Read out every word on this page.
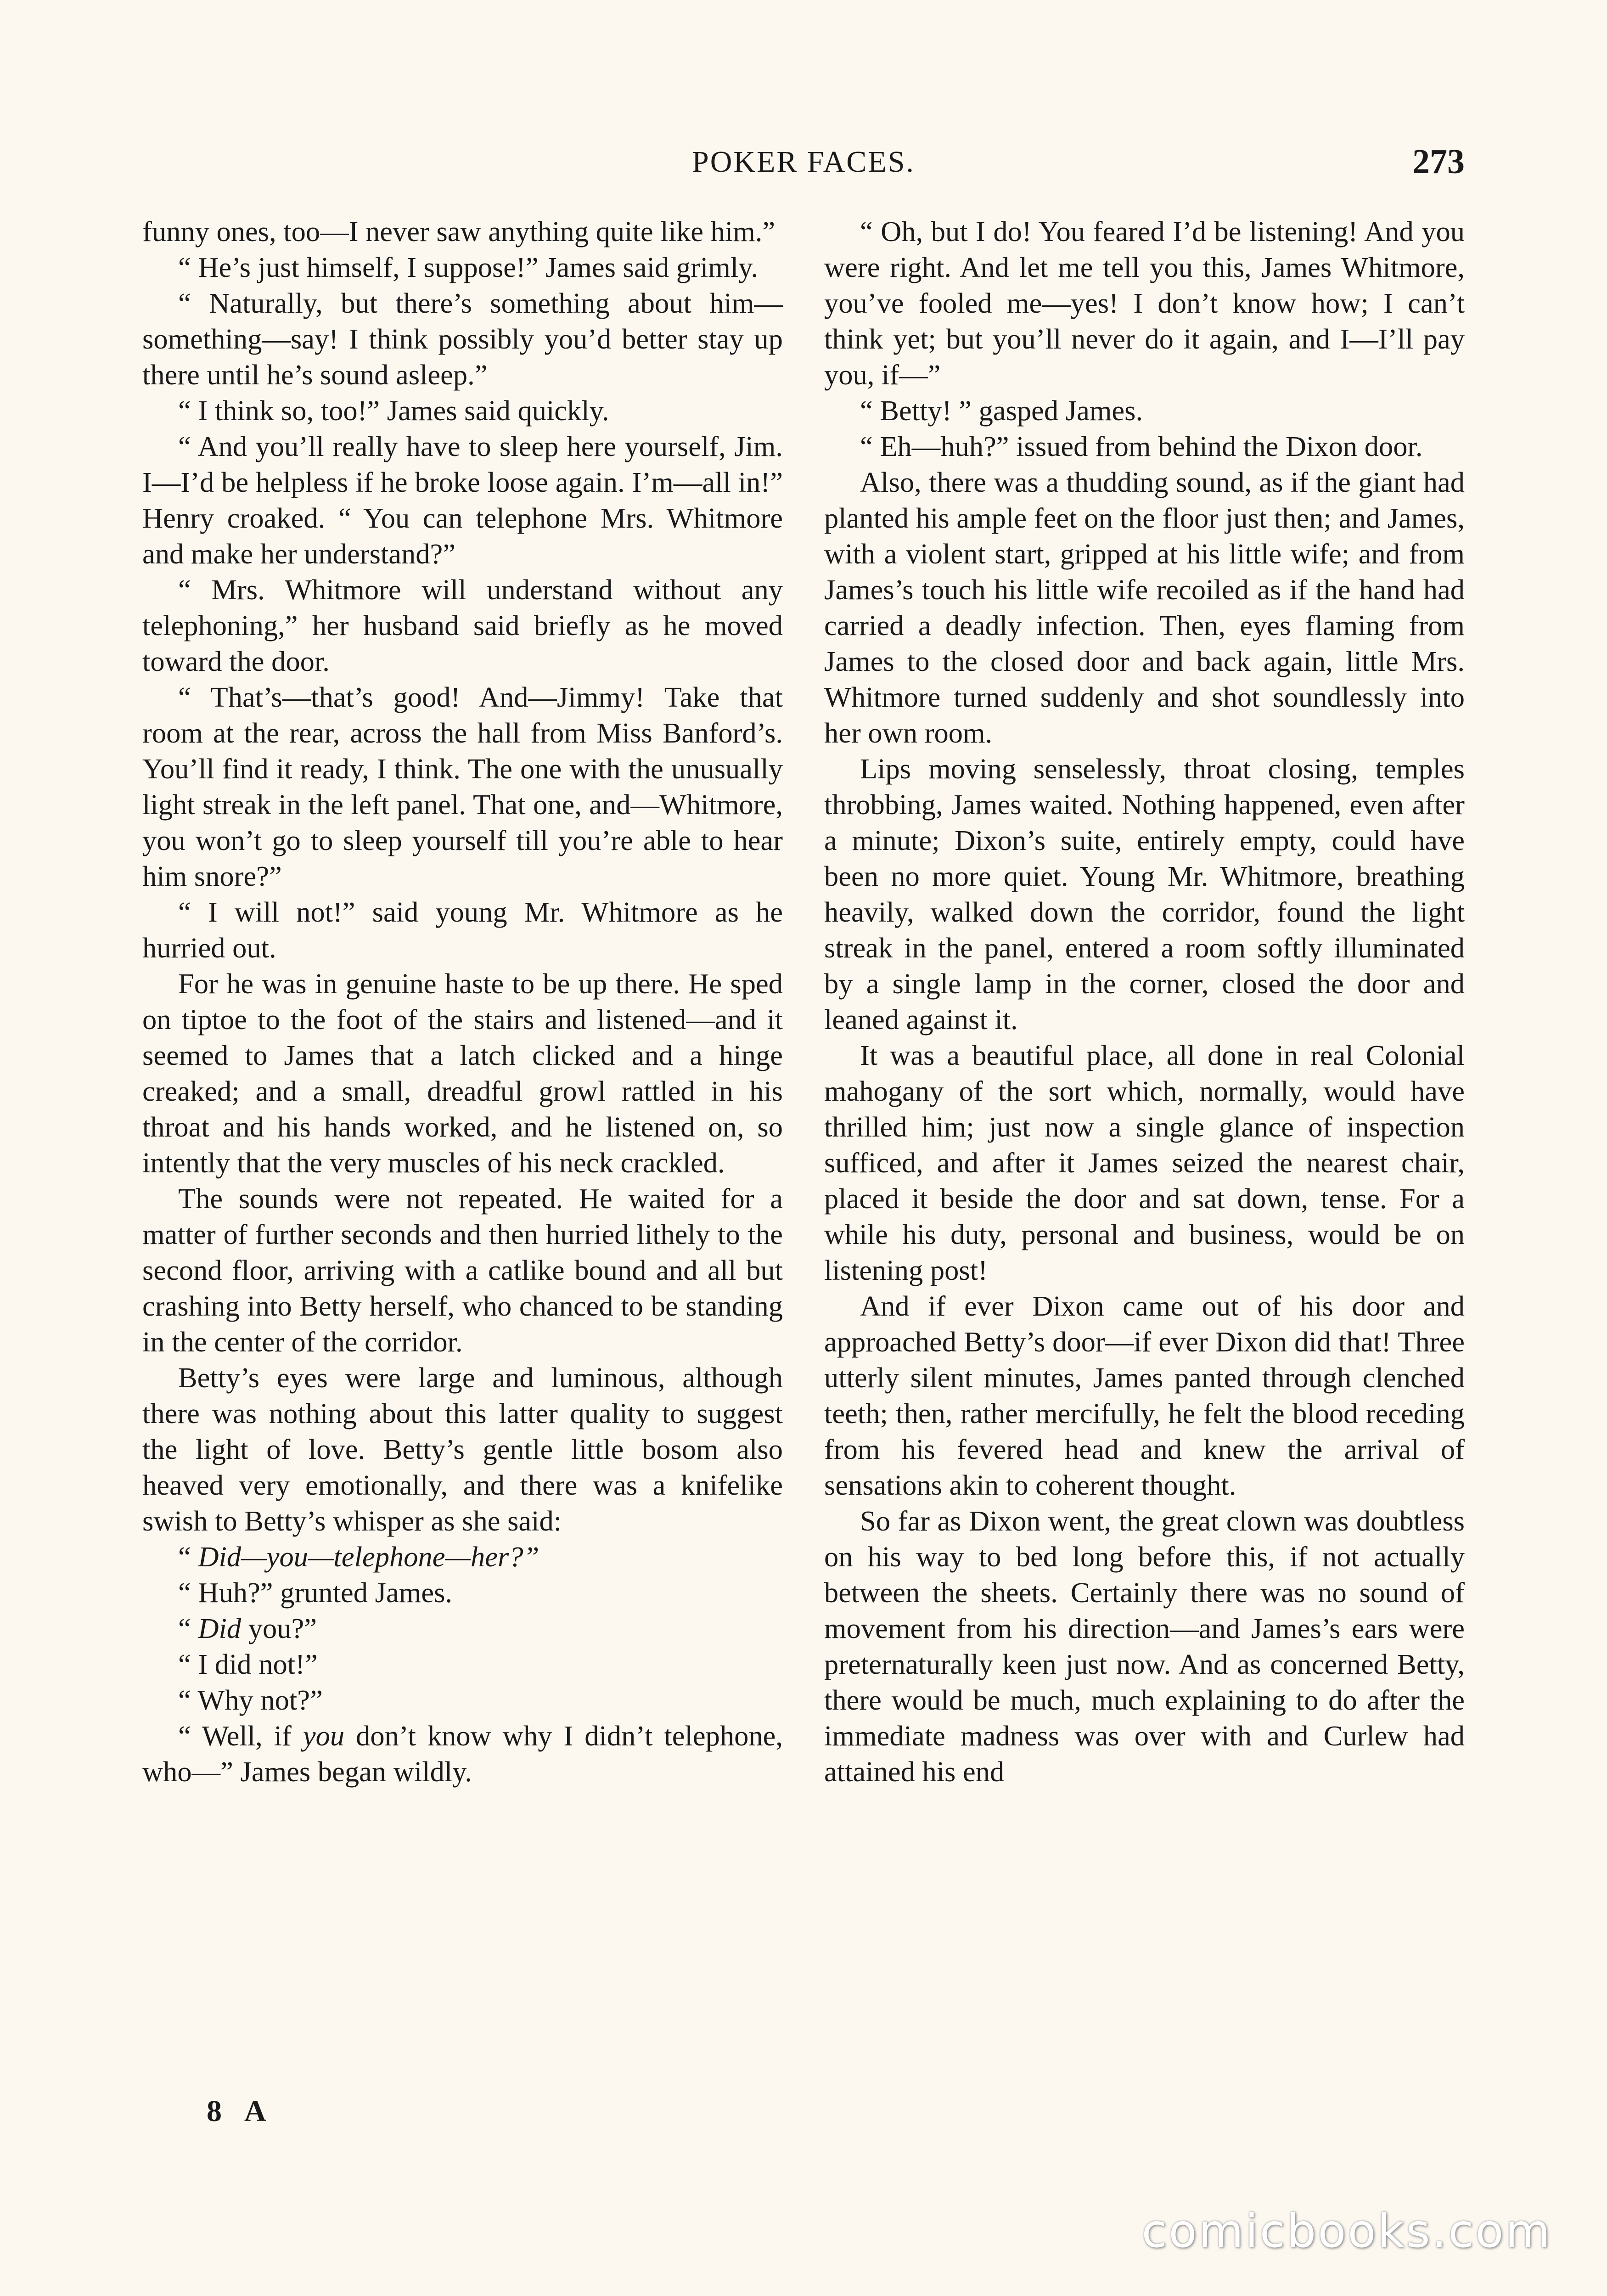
POKER FACES.	273

funny ones, too—I never saw anything quite like him.”

“ He’s just himself, I suppose!” James said grimly.

“ Naturally, but there’s something about him—something—say! I think possibly you’d better stay up there until he’s sound asleep.”

“ I think so, too!” James said quickly.

“ And you’ll really have to sleep here yourself, Jim. I—I’d be helpless if he broke loose again. I’m—all in!” Henry croaked. “ You can telephone Mrs. Whitmore and make her understand?”

“ Mrs. Whitmore will understand without any telephoning,” her husband said briefly as he moved toward the door.

“ That’s—that’s good! And—Jimmy! Take that room at the rear, across the hall from Miss Banford’s. You’ll find it ready, I think. The one with the unusually light streak in the left panel. That one, and—Whitmore, you won’t go to sleep yourself till you’re able to hear him snore?”

“ I will not!” said young Mr. Whitmore as he hurried out.

For he was in genuine haste to be up there. He sped on tiptoe to the foot of the stairs and listened—and it seemed to James that a latch clicked and a hinge creaked; and a small, dreadful growl rattled in his throat and his hands worked, and he listened on, so intently that the very muscles of his neck crackled.

The sounds were not repeated. He waited for a matter of further seconds and then hurried lithely to the second floor, arriving with a catlike bound and all but crashing into Betty herself, who chanced to be standing in the center of the corridor.

Betty’s eyes were large and luminous, although there was nothing about this latter quality to suggest the light of love. Betty’s gentle little bosom also heaved very emotionally, and there was a knifelike swish to Betty’s whisper as she said:

“ Did—you—telephone—her?”

“ Huh?” grunted James.

“ Did you?”

“ I did not!”

“ Why not?”

“ Well, if you don’t know why I didn’t telephone, who—” James began wildly.

“ Oh, but I do! You feared I’d be listening! And you were right. And let me tell you this, James Whitmore, you’ve fooled me—yes! I don’t know how; I can’t think yet; but you’ll never do it again, and I—I’ll pay you, if—”

“ Betty! ” gasped James.

“ Eh—huh?” issued from behind the Dixon door.

Also, there was a thudding sound, as if the giant had planted his ample feet on the floor just then; and James, with a violent start, gripped at his little wife; and from James’s touch his little wife recoiled as if the hand had carried a deadly infection. Then, eyes flaming from James to the closed door and back again, little Mrs. Whitmore turned suddenly and shot soundlessly into her own room.

Lips moving senselessly, throat closing, temples throbbing, James waited. Nothing happened, even after a minute; Dixon’s suite, entirely empty, could have been no more quiet. Young Mr. Whitmore, breathing heavily, walked down the corridor, found the light streak in the panel, entered a room softly illuminated by a single lamp in the corner, closed the door and leaned against it.

It was a beautiful place, all done in real Colonial mahogany of the sort which, normally, would have thrilled him; just now a single glance of inspection sufficed, and after it James seized the nearest chair, placed it beside the door and sat down, tense. For a while his duty, personal and business, would be on listening post!

And if ever Dixon came out of his door and approached Betty’s door—if ever Dixon did that! Three utterly silent minutes, James panted through clenched teeth; then, rather mercifully, he felt the blood receding from his fevered head and knew the arrival of sensations akin to coherent thought.

So far as Dixon went, the great clown was doubtless on his way to bed long before this, if not actually between the sheets. Certainly there was no sound of movement from his direction—and James’s ears were preternaturally keen just now. And as concerned Betty, there would be much, much explaining to do after the immediate madness was over with and Curlew had attained his end

8 A
comicbooks.com
